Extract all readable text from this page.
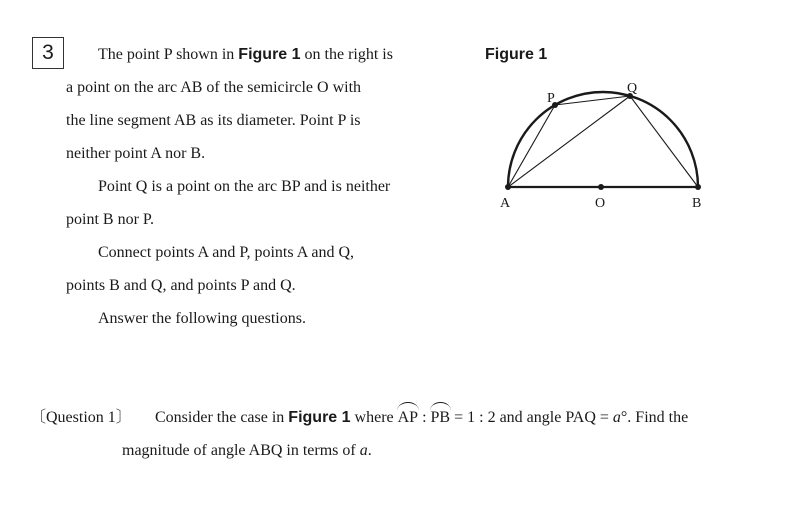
3	The point P shown in Figure 1 on the right is
a point on the arc AB of the semicircle O with
the line segment AB as its diameter. Point P is
neither point A nor B.
Point Q is a point on the arc BP and is neither
point B nor P.
Connect points A and P, points A and Q,
points B and Q, and points P and Q.
Answer the following questions.
Figure 1
A	O	B
P
Q
〔Question 1〕 Consider the case in Figure 1 where AP : PB = 1 : 2 and angle PAQ = a°. Find the
magnitude of angle ABQ in terms of a.
